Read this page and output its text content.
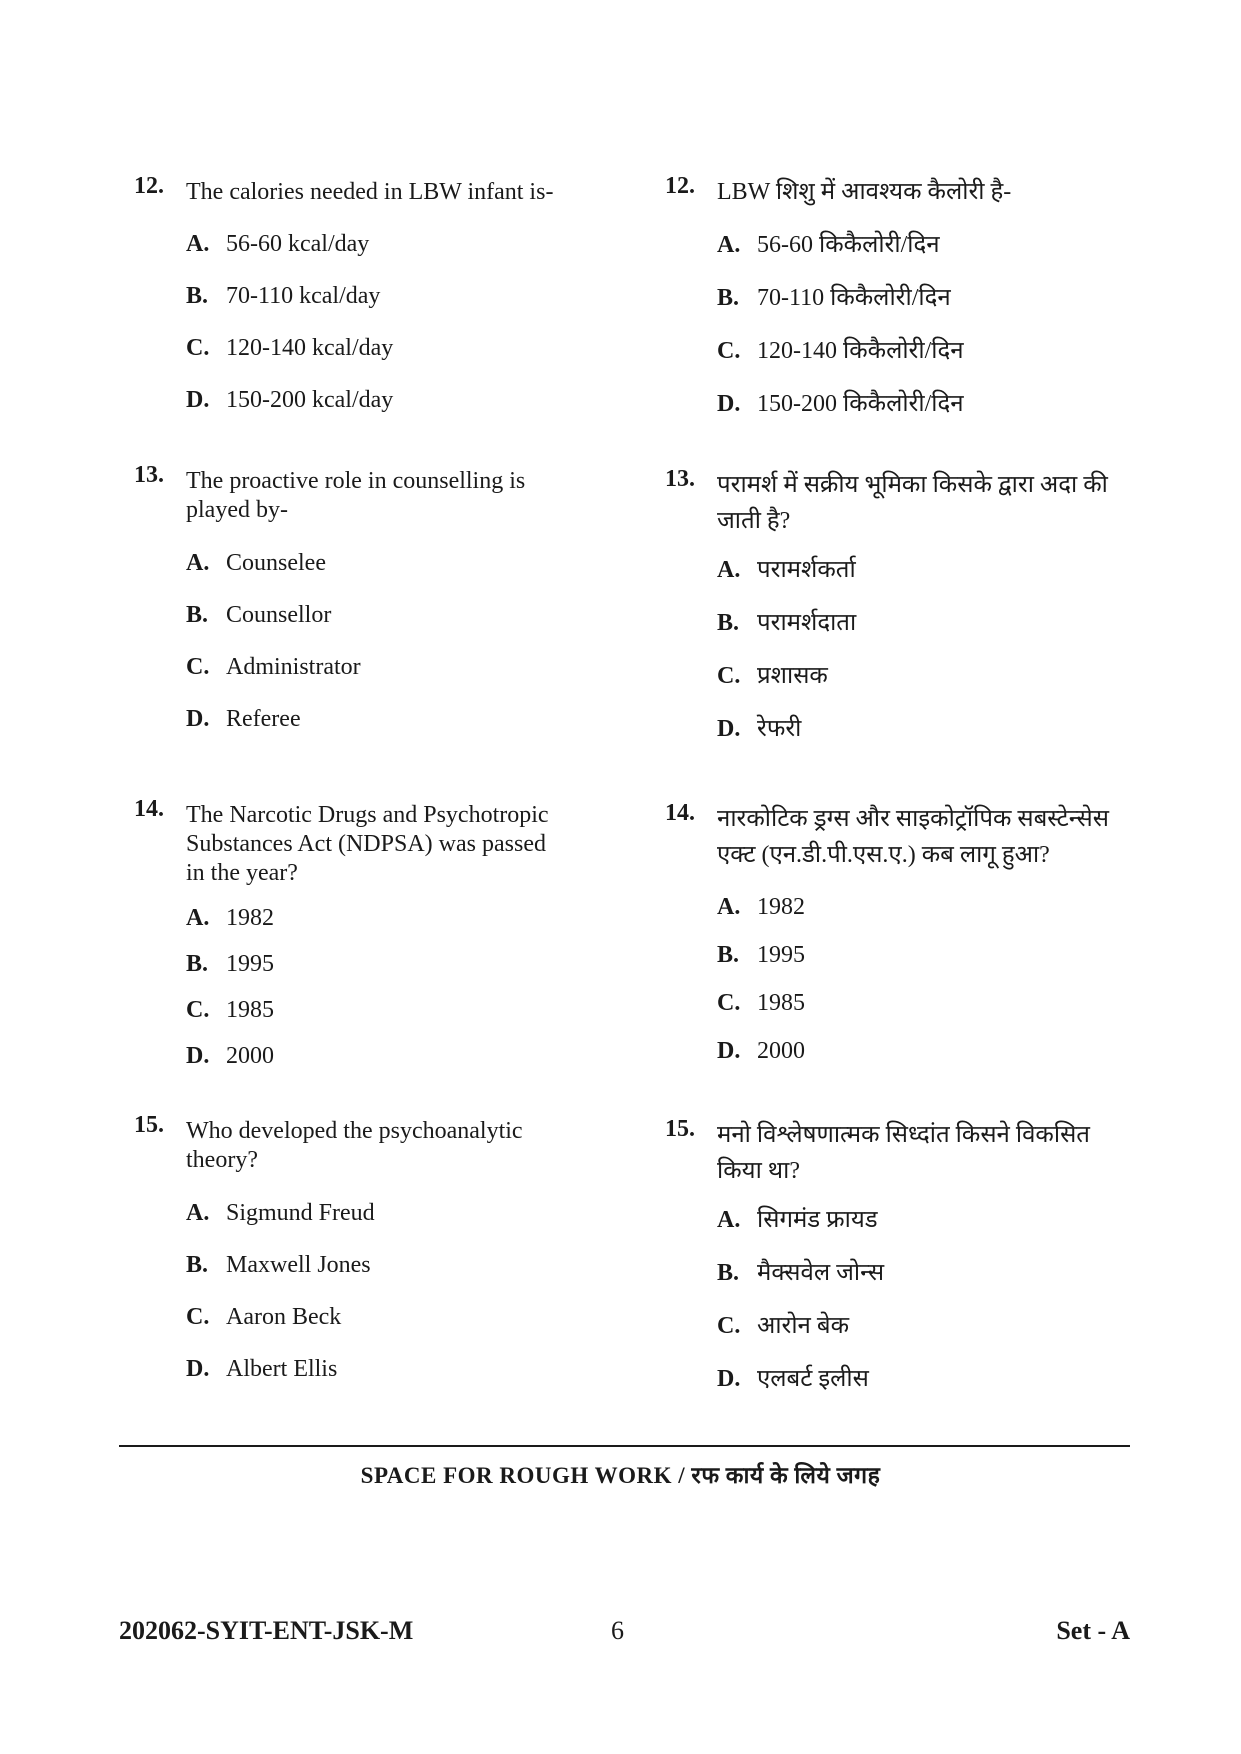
12. The calories needed in LBW infant is-
A. 56-60 kcal/day
B. 70-110 kcal/day
C. 120-140 kcal/day
D. 150-200 kcal/day
13. The proactive role in counselling is played by-
A. Counselee
B. Counsellor
C. Administrator
D. Referee
14. The Narcotic Drugs and Psychotropic Substances Act (NDPSA) was passed in the year?
A. 1982
B. 1995
C. 1985
D. 2000
15. Who developed the psychoanalytic theory?
A. Sigmund Freud
B. Maxwell Jones
C. Aaron Beck
D. Albert Ellis
12. LBW शिशु में आवश्यक कैलोरी है-
A. 56-60 किकैलोरी/दिन
B. 70-110 किकैलोरी/दिन
C. 120-140 किकैलोरी/दिन
D. 150-200 किकैलोरी/दिन
13. परामर्श में सक्रीय भूमिका किसके द्वारा अदा की जाती है?
A. परामर्शकर्ता
B. परामर्शदाता
C. प्रशासक
D. रेफरी
14. नारकोटिक ड्रग्स और साइकोट्रॉपिक सबस्टेन्सेस एक्ट (एन.डी.पी.एस.ए.) कब लागू हुआ?
A. 1982
B. 1995
C. 1985
D. 2000
15. मनो विश्लेषणात्मक सिध्दांत किसने विकसित किया था?
A. सिगमंड फ्रायड
B. मैक्सवेल जोन्स
C. आरोन बेक
D. एलबर्ट इलीस
SPACE FOR ROUGH WORK / रफ कार्य के लिये जगह
202062-SYIT-ENT-JSK-M	6	Set - A
